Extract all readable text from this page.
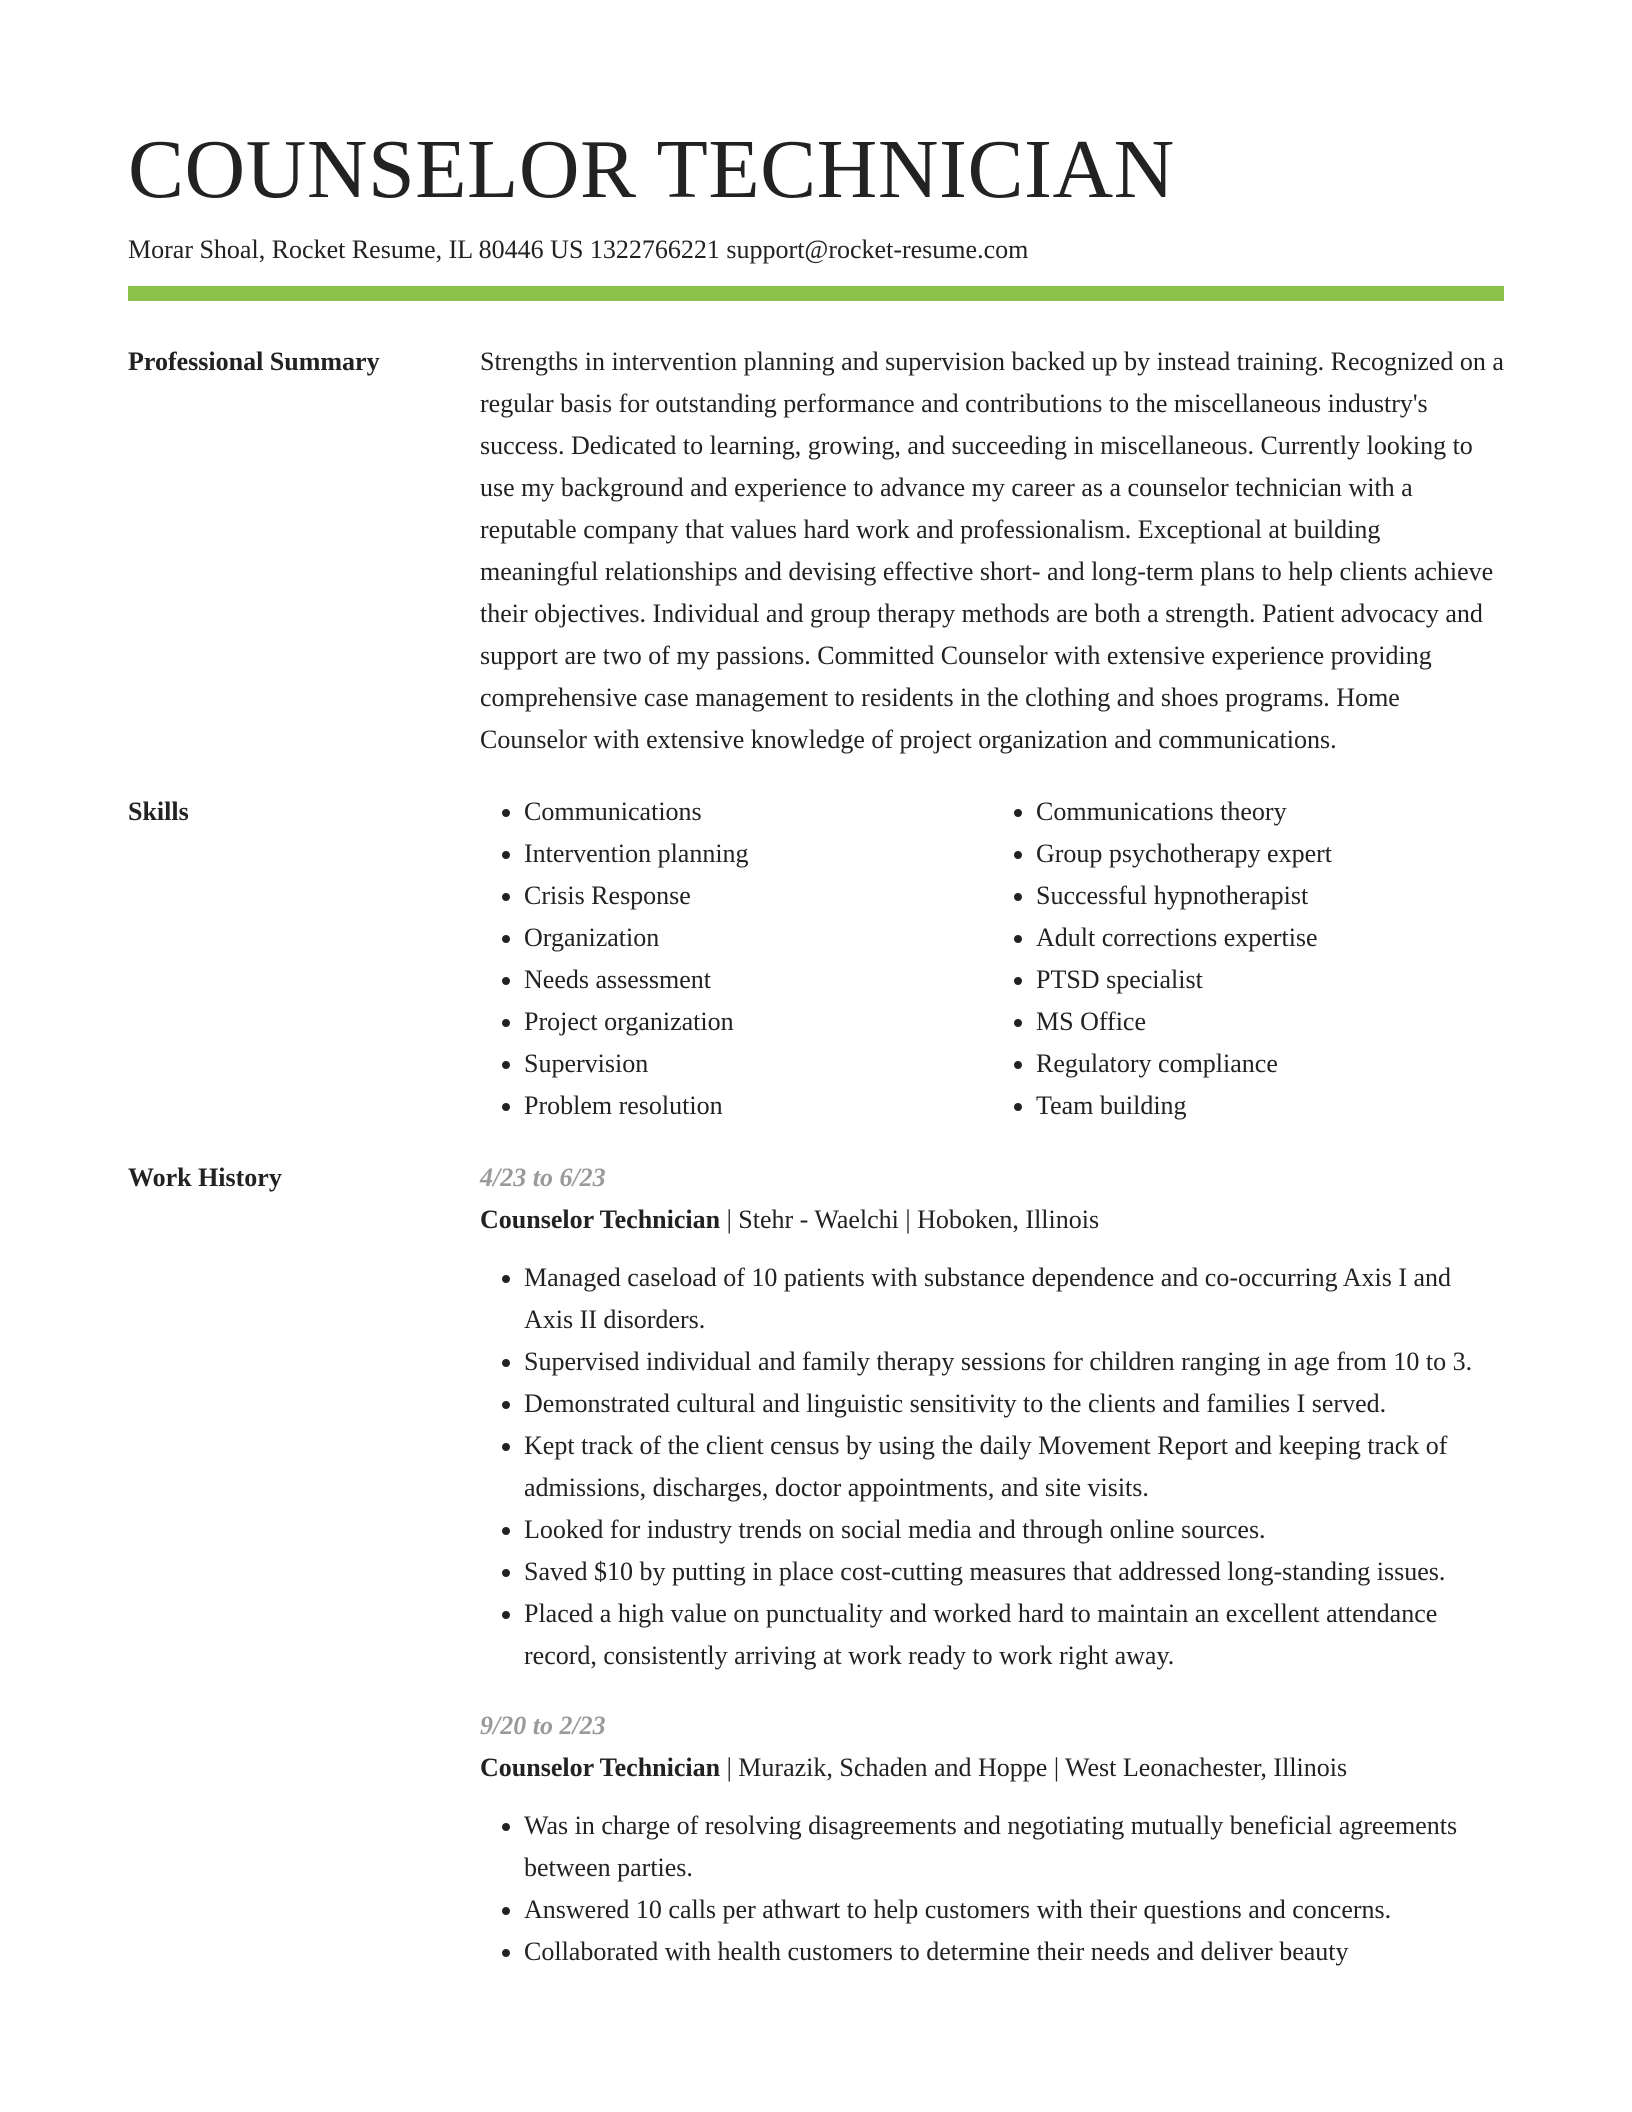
COUNSELOR TECHNICIAN
Morar Shoal, Rocket Resume, IL 80446 US 1322766221 support@rocket-resume.com
Professional Summary	Strengths in intervention planning and supervision backed up by instead training. Recognized on a regular basis for outstanding performance and contributions to the miscellaneous industry's success. Dedicated to learning, growing, and succeeding in miscellaneous. Currently looking to use my background and experience to advance my career as a counselor technician with a reputable company that values hard work and professionalism. Exceptional at building meaningful relationships and devising effective short- and long-term plans to help clients achieve their objectives. Individual and group therapy methods are both a strength. Patient advocacy and support are two of my passions. Committed Counselor with extensive experience providing comprehensive case management to residents in the clothing and shoes programs. Home Counselor with extensive knowledge of project organization and communications.

Skills
•	Communications
• Intervention planning
• Crisis Response
• Organization
• Needs assessment
• Project organization
• Supervision
• Problem resolution
• Communications theory
• Group psychotherapy expert
• Successful hypnotherapist
• Adult corrections expertise
• PTSD specialist
• MS Office
• Regulatory compliance
• Team building
Work History	4/23 to 6/23
Counselor Technician | Stehr - Waelchi | Hoboken, Illinois
• Managed caseload of 10 patients with substance dependence and co-occurring Axis I and Axis II disorders.
• Supervised individual and family therapy sessions for children ranging in age from 10 to 3.
• Demonstrated cultural and linguistic sensitivity to the clients and families I served.
• Kept track of the client census by using the daily Movement Report and keeping track of admissions, discharges, doctor appointments, and site visits.
• Looked for industry trends on social media and through online sources.
• Saved $10 by putting in place cost-cutting measures that addressed long-standing issues.
• Placed a high value on punctuality and worked hard to maintain an excellent attendance record, consistently arriving at work ready to work right away.
9/20 to 2/23
Counselor Technician | Murazik, Schaden and Hoppe | West Leonachester, Illinois
• Was in charge of resolving disagreements and negotiating mutually beneficial agreements between parties.
• Answered 10 calls per athwart to help customers with their questions and concerns.
• Collaborated with health customers to determine their needs and deliver beauty
